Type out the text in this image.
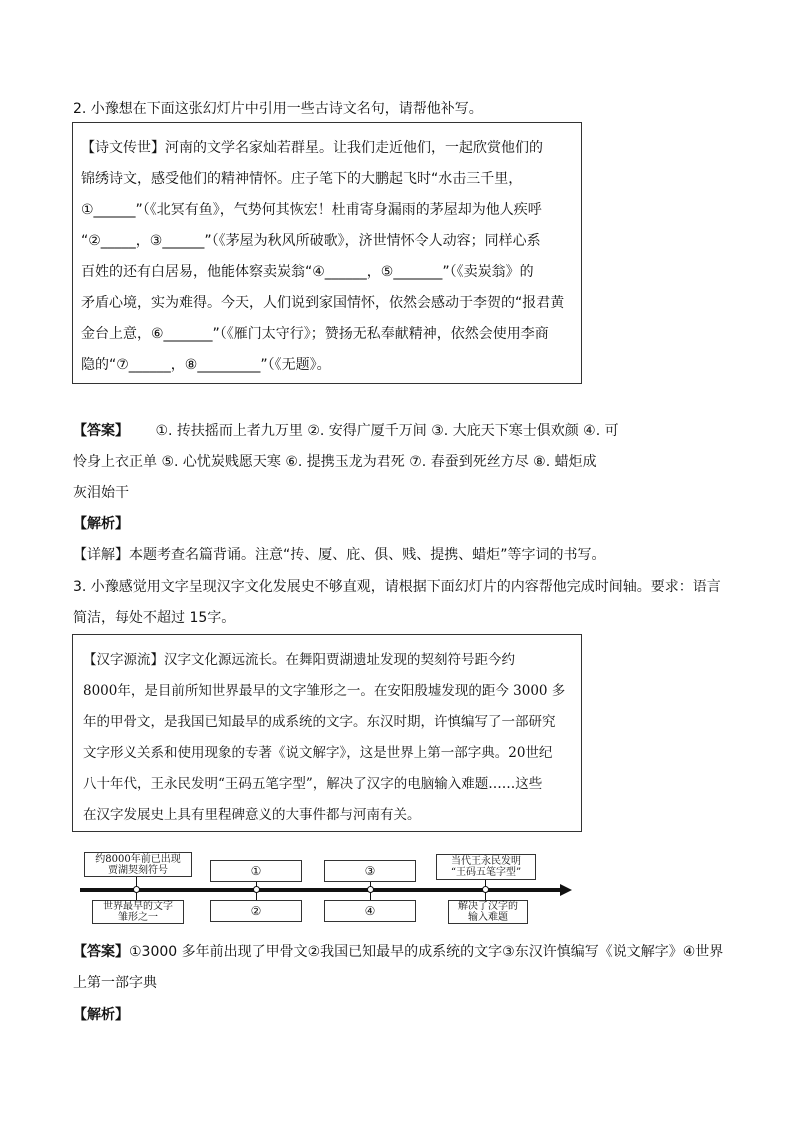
2. 小豫想在下面这张幻灯片中引用一些古诗文名句，请帮他补写。

【诗文传世】河南的文学名家灿若群星。让我们走近他们，一起欣赏他们的

锦绣诗文，感受他们的精神情怀。庄子笔下的大鹏起飞时“水击三千里，

①______”（《北冥有鱼》，气势何其恢宏！杜甫寄身漏雨的茅屋却为他人疾呼

“②_____，③______”（《茅屋为秋风所破歌》，济世情怀令人动容；同样心系

百姓的还有白居易，他能体察卖炭翁“④______，⑤_______”（《卖炭翁》的

矛盾心境，实为难得。今天，人们说到家国情怀，依然会感动于李贺的“报君黄

金台上意，⑥_______”（《雁门太守行》；赞扬无私奉献精神，依然会使用李商

隐的“⑦______，⑧_________”（《无题》。

【答案】 ①. 抟扶摇而上者九万里 ②. 安得广厦千万间 ③. 大庇天下寒士俱欢颜 ④. 可
怜身上衣正单 ⑤. 心忧炭贱愿天寒 ⑥. 提携玉龙为君死 ⑦. 春蚕到死丝方尽 ⑧. 蜡炬成
灰泪始干
【解析】
【详解】本题考查名篇背诵。注意“抟、厦、庇、俱、贱、提携、蜡炬”等字词的书写。
3. 小豫感觉用文字呈现汉字文化发展史不够直观，请根据下面幻灯片的内容帮他完成时间轴。要求：语言
简洁，每处不超过 15字。

【汉字源流】汉字文化源远流长。在舞阳贾湖遗址发现的契刻符号距今约

8000年，是目前所知世界最早的文字雏形之一。在安阳殷墟发现的距今 3000 多

年的甲骨文，是我国已知最早的成系统的文字。东汉时期，许慎编写了一部研究

文字形义关系和使用现象的专著《说文解字》，这是世界上第一部字典。20世纪

八十年代，王永民发明“王码五笔字型”，解决了汉字的电脑输入难题……这些

在汉字发展史上具有里程碑意义的大事件都与河南有关。

约8000年前已出现
贾湖契刻符号
世界最早的文字
雏形之一
①
②
③
④
当代王永民发明
“王码五笔字型”
解决了汉字的
输入难题
【答案】①3000 多年前出现了甲骨文②我国已知最早的成系统的文字③东汉许慎编写《说文解字》④世界
上第一部字典
【解析】
